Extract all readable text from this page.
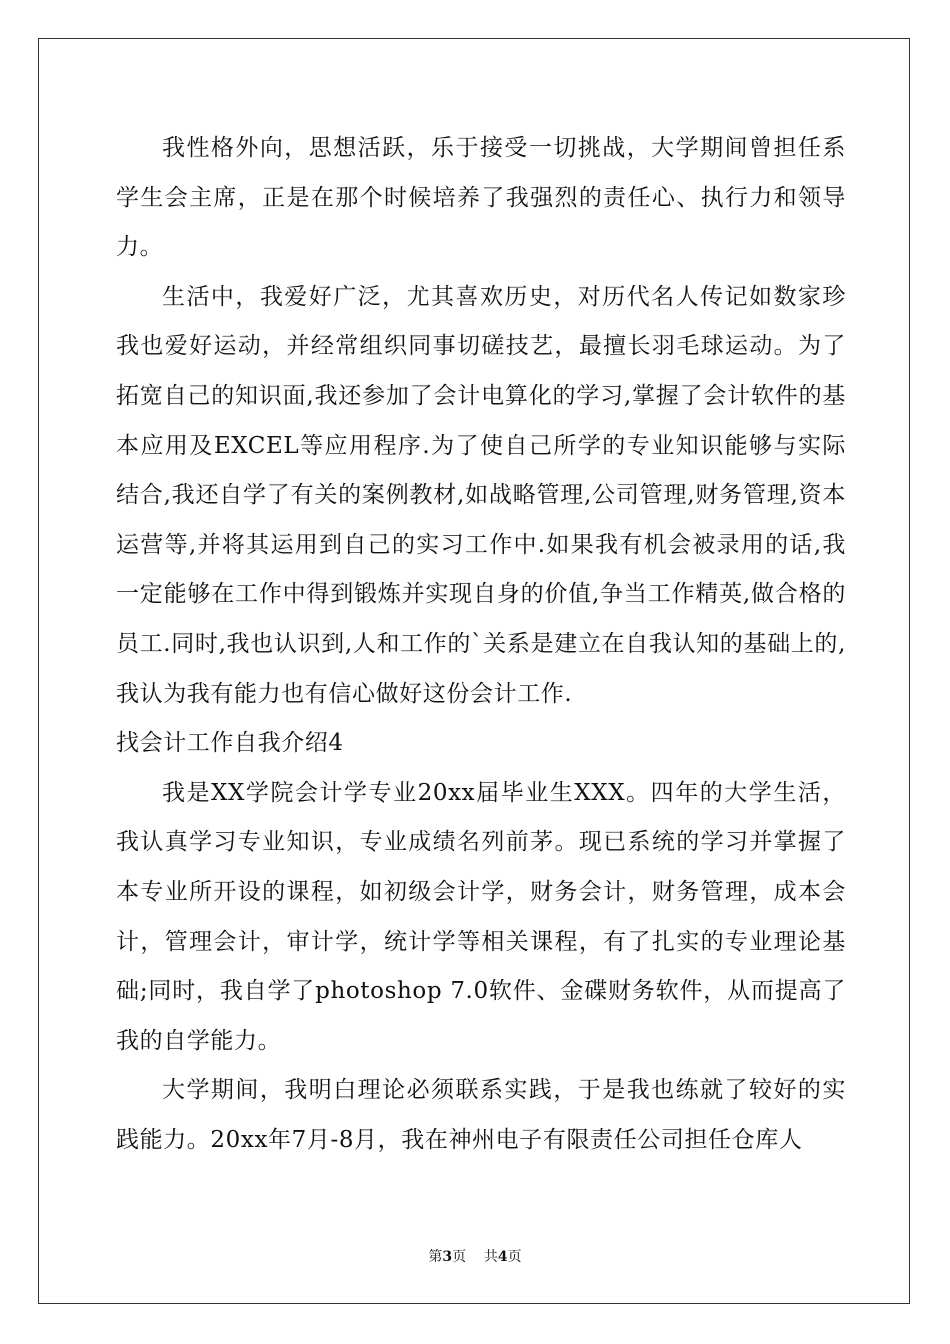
我性格外向，思想活跃，乐于接受一切挑战，大学期间曾担任系学生会主席，正是在那个时候培养了我强烈的责任心、执行力和领导力。

生活中，我爱好广泛，尤其喜欢历史，对历代名人传记如数家珍我也爱好运动，并经常组织同事切磋技艺，最擅长羽毛球运动。为了拓宽自己的知识面,我还参加了会计电算化的学习,掌握了会计软件的基本应用及EXCEL等应用程序.为了使自己所学的专业知识能够与实际结合,我还自学了有关的案例教材,如战略管理,公司管理,财务管理,资本运营等,并将其运用到自己的实习工作中.如果我有机会被录用的话,我一定能够在工作中得到锻炼并实现自身的价值,争当工作精英,做合格的员工.同时,我也认识到,人和工作的`关系是建立在自我认知的基础上的,我认为我有能力也有信心做好这份会计工作.

找会计工作自我介绍4

我是XX学院会计学专业20xx届毕业生XXX。四年的大学生活，我认真学习专业知识，专业成绩名列前茅。现已系统的学习并掌握了本专业所开设的课程，如初级会计学，财务会计，财务管理，成本会计，管理会计，审计学，统计学等相关课程，有了扎实的专业理论基础;同时，我自学了photoshop 7.0软件、金碟财务软件，从而提高了我的自学能力。

大学期间，我明白理论必须联系实践，于是我也练就了较好的实践能力。20xx年7月-8月，我在神州电子有限责任公司担任仓库人

第3页    共4页
